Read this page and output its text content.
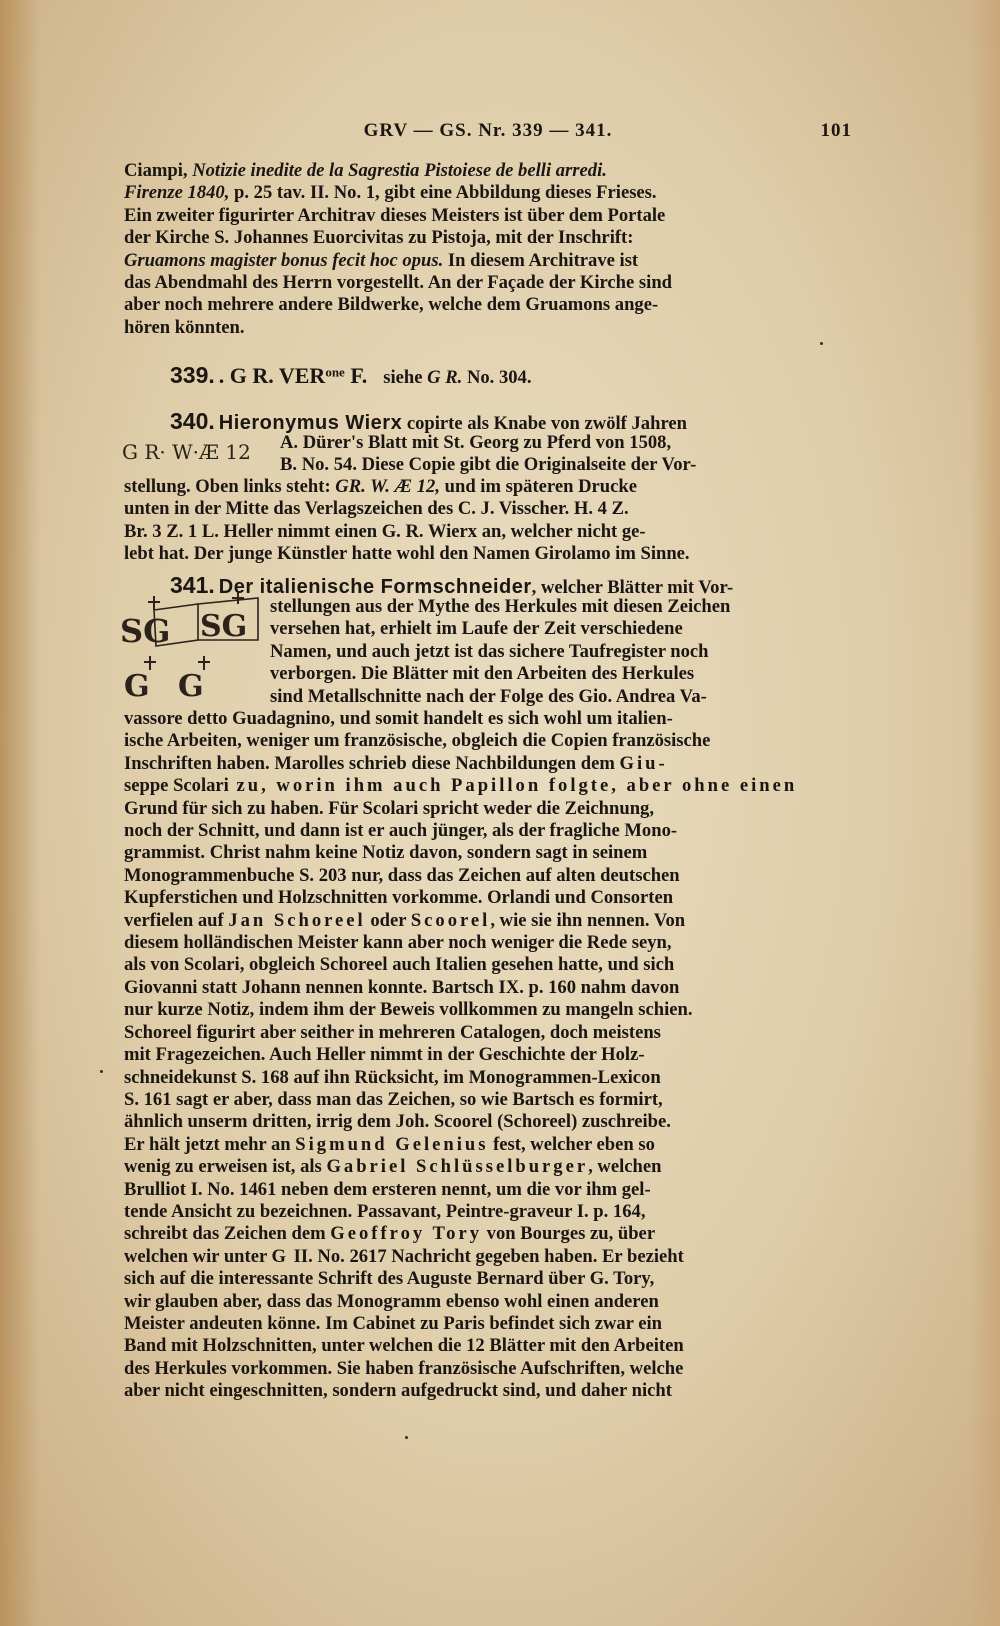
GRV — GS. Nr. 339 — 341.	101
Ciampi, Notizie inedite de la Sagrestia Pistoiese de belli arredi.
Firenze 1840, p. 25 tav. II. No. 1, gibt eine Abbildung dieses Frieses.
Ein zweiter figurirter Architrav dieses Meisters ist über dem Portale
der Kirche S. Johannes Euorcivitas zu Pistoja, mit der Inschrift:
Gruamons magister bonus fecit hoc opus. In diesem Architrave ist
das Abendmahl des Herrn vorgestellt. An der Façade der Kirche sind
aber noch mehrere andere Bildwerke, welche dem Gruamons ange-
hören könnten.
339. . G R. $VER^{one}$ F. siehe G R. No. 304.
340. Hieronymus Wierx copirte als Knabe von zwölf Jahren
G R· W·Æ 12 A. Dürer's Blatt mit St. Georg zu Pferd von 1508,
B. No. 54. Diese Copie gibt die Originalseite der Vor-
stellung. Oben links steht: GR. W. Æ 12, und im späteren Drucke
unten in der Mitte das Verlagszeichen des C. J. Visscher. H. 4 Z.
Br. 3 Z. 1 L. Heller nimmt einen G. R. Wierx an, welcher nicht ge-
lebt hat. Der junge Künstler hatte wohl den Namen Girolamo im Sinne.
341. Der italienische Formschneider, welcher Blätter mit Vor-
SG SG
G G
stellungen aus der Mythe des Herkules mit diesen Zeichen
versehen hat, erhielt im Laufe der Zeit verschiedene
Namen, und auch jetzt ist das sichere Taufregister noch
verborgen. Die Blätter mit den Arbeiten des Herkules
sind Metallschnitte nach der Folge des Gio. Andrea Va-
vassore detto Guadagnino, und somit handelt es sich wohl um italien-
ische Arbeiten, weniger um französische, obgleich die Copien französische
Inschriften haben. Marolles schrieb diese Nachbildungen dem Giu-
seppe Scolari zu, worin ihm auch Papillon folgte, aber ohne einen
Grund für sich zu haben. Für Scolari spricht weder die Zeichnung,
noch der Schnitt, und dann ist er auch jünger, als der fragliche Mono-
grammist. Christ nahm keine Notiz davon, sondern sagt in seinem
Monogrammenbuche S. 203 nur, dass das Zeichen auf alten deutschen
Kupferstichen und Holzschnitten vorkomme. Orlandi und Consorten
verfielen auf Jan Schoreel oder Scoorel, wie sie ihn nennen. Von
diesem holländischen Meister kann aber noch weniger die Rede seyn,
als von Scolari, obgleich Schoreel auch Italien gesehen hatte, und sich
Giovanni statt Johann nennen konnte. Bartsch IX. p. 160 nahm davon
nur kurze Notiz, indem ihm der Beweis vollkommen zu mangeln schien.
Schoreel figurirt aber seither in mehreren Catalogen, doch meistens
mit Fragezeichen. Auch Heller nimmt in der Geschichte der Holz-
schneidekunst S. 168 auf ihn Rücksicht, im Monogrammen-Lexicon
S. 161 sagt er aber, dass man das Zeichen, so wie Bartsch es formirt,
ähnlich unserm dritten, irrig dem Joh. Scoorel (Schoreel) zuschreibe.
Er hält jetzt mehr an Sigmund Gelenius fest, welcher eben so
wenig zu erweisen ist, als Gabriel Schlüsselburger, welchen
Brulliot I. No. 1461 neben dem ersteren nennt, um die vor ihm gel-
tende Ansicht zu bezeichnen. Passavant, Peintre-graveur I. p. 164,
schreibt das Zeichen dem Geoffroy Tory von Bourges zu, über
welchen wir unter G II. No. 2617 Nachricht gegeben haben. Er bezieht
sich auf die interessante Schrift des Auguste Bernard über G. Tory,
wir glauben aber, dass das Monogramm ebenso wohl einen anderen
Meister andeuten könne. Im Cabinet zu Paris befindet sich zwar ein
Band mit Holzschnitten, unter welchen die 12 Blätter mit den Arbeiten
des Herkules vorkommen. Sie haben französische Aufschriften, welche
aber nicht eingeschnitten, sondern aufgedruckt sind, und daher nicht
